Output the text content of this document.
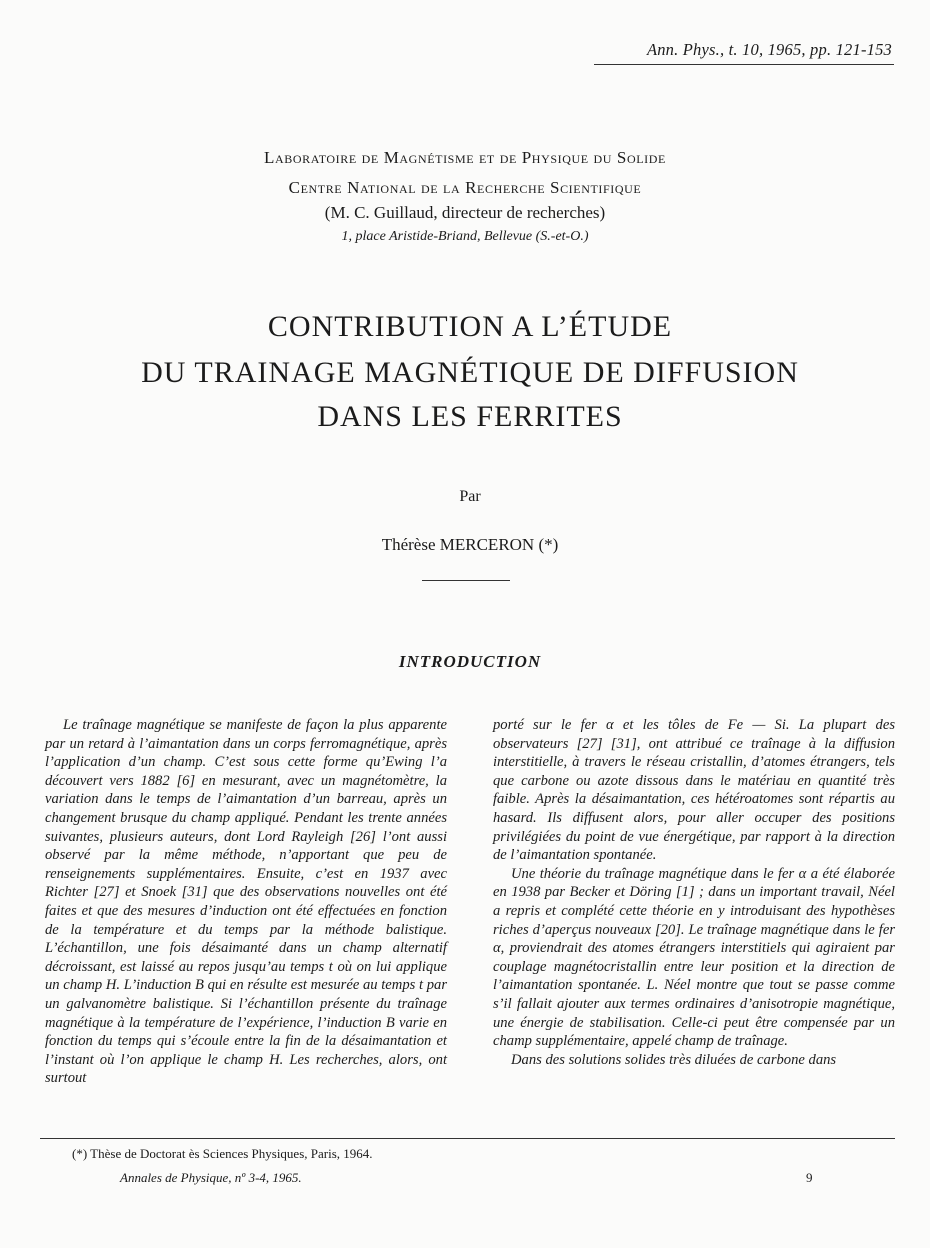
Ann. Phys., t. 10, 1965, pp. 121-153
Laboratoire de Magnétisme et de Physique du Solide
Centre National de la Recherche Scientifique
(M. C. Guillaud, directeur de recherches)
1, place Aristide-Briand, Bellevue (S.-et-O.)
CONTRIBUTION A L’ÉTUDE
DU TRAINAGE MAGNÉTIQUE DE DIFFUSION
DANS LES FERRITES
Par
Thérèse MERCERON (*)
INTRODUCTION

Le traînage magnétique se manifeste de façon la plus apparente par un retard à l’aimantation dans un corps ferromagnétique, après l’application d’un champ. C’est sous cette forme qu’Ewing l’a découvert vers 1882 [6] en mesurant, avec un magnétomètre, la variation dans le temps de l’aimantation d’un barreau, après un changement brusque du champ appliqué. Pendant les trente années suivantes, plusieurs auteurs, dont Lord Rayleigh [26] l’ont aussi observé par la même méthode, n’apportant que peu de renseignements supplémentaires. Ensuite, c’est en 1937 avec Richter [27] et Snoek [31] que des observations nouvelles ont été faites et que des mesures d’induction ont été effectuées en fonction de la température et du temps par la méthode balistique. L’échantillon, une fois désaimanté dans un champ alternatif décroissant, est laissé au repos jusqu’au temps t où on lui applique un champ H. L’induction B qui en résulte est mesurée au temps t par un galvanomètre balistique. Si l’échantillon présente du traînage magnétique à la température de l’expérience, l’induction B varie en fonction du temps qui s’écoule entre la fin de la désaimantation et l’instant où l’on applique le champ H. Les recherches, alors, ont surtout

porté sur le fer α et les tôles de Fe — Si. La plupart des observateurs [27] [31], ont attribué ce traînage à la diffusion interstitielle, à travers le réseau cristallin, d’atomes étrangers, tels que carbone ou azote dissous dans le matériau en quantité très faible. Après la désaimantation, ces hétéroatomes sont répartis au hasard. Ils diffusent alors, pour aller occuper des positions privilégiées du point de vue énergétique, par rapport à la direction de l’aimantation spontanée.

Une théorie du traînage magnétique dans le fer α a été élaborée en 1938 par Becker et Döring [1] ; dans un important travail, Néel a repris et complété cette théorie en y introduisant des hypothèses riches d’aperçus nouveaux [20]. Le traînage magnétique dans le fer α, proviendrait des atomes étrangers interstitiels qui agiraient par couplage magnétocristallin entre leur position et la direction de l’aimantation spontanée. L. Néel montre que tout se passe comme s’il fallait ajouter aux termes ordinaires d’anisotropie magnétique, une énergie de stabilisation. Celle-ci peut être compensée par un champ supplémentaire, appelé champ de traînage.

Dans des solutions solides très diluées de carbone dans

(*) Thèse de Doctorat ès Sciences Physiques, Paris, 1964.
Annales de Physique, nº 3-4, 1965.	9
